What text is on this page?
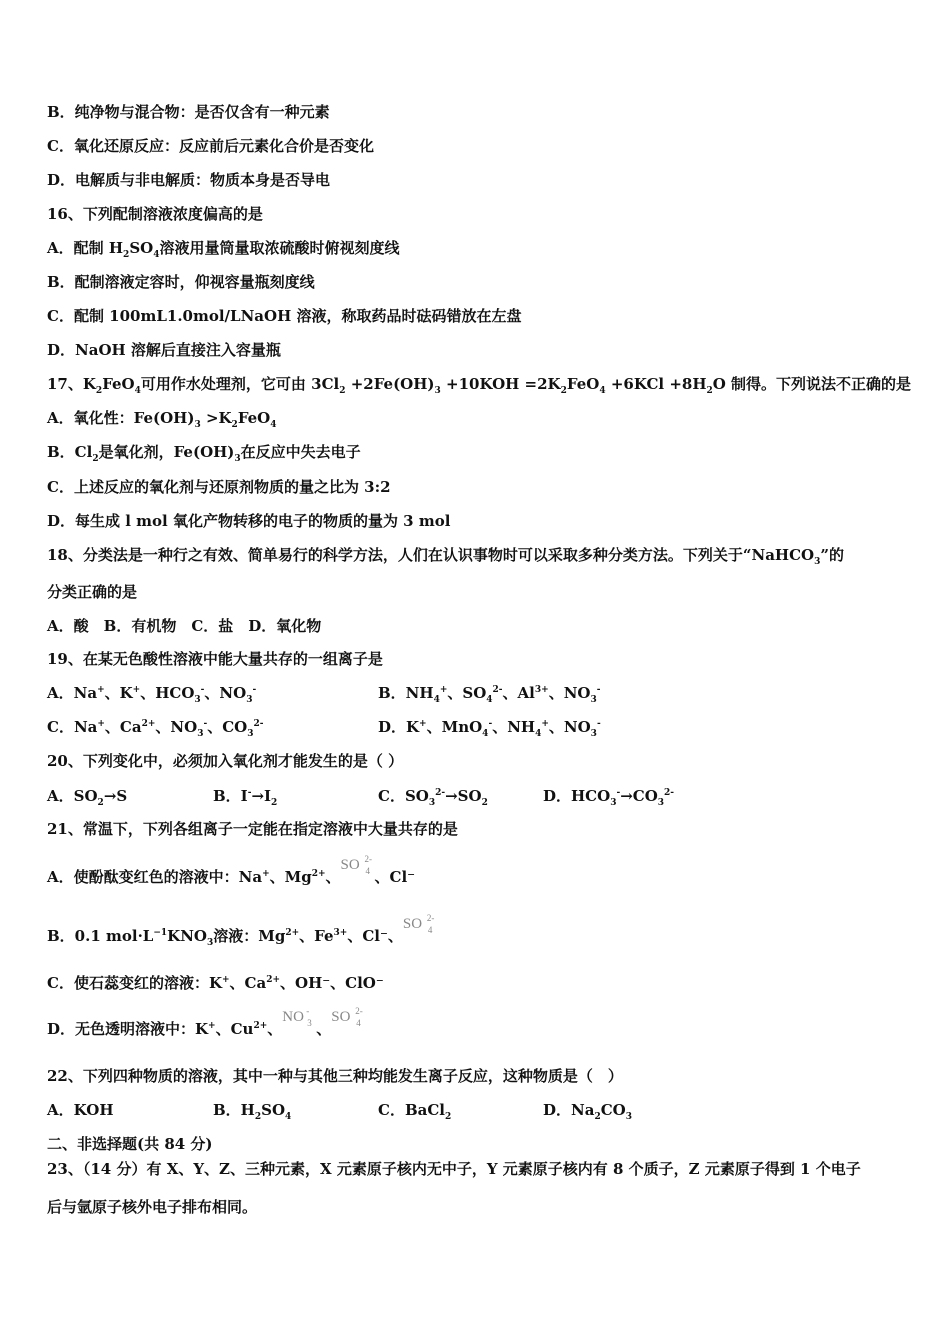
B．纯净物与混合物：是否仅含有一种元素
C．氧化还原反应：反应前后元素化合价是否变化
D．电解质与非电解质：物质本身是否导电
16、下列配制溶液浓度偏高的是
A．配制 $H_2SO_4$溶液用量筒量取浓硫酸时俯视刻度线
B．配制溶液定容时，仰视容量瓶刻度线
C．配制 100mL1.0mol/LNaOH 溶液，称取药品时砝码错放在左盘
D．NaOH 溶解后直接注入容量瓶
17、$K_2FeO_4$可用作水处理剂，它可由 $3Cl_2 +2Fe(OH)_3 +10KOH =2K_2FeO_4 +6KCl +8H_2O$ 制得。下列说法不正确的是
A．氧化性：$Fe(OH)_3 >K_2FeO_4$
B．$Cl_2$是氧化剂，$Fe(OH)_3$在反应中失去电子
C．上述反应的氧化剂与还原剂物质的量之比为 3:2
D．每生成 l mol 氧化产物转移的电子的物质的量为 3 mol
18、分类法是一种行之有效、简单易行的科学方法，人们在认识事物时可以采取多种分类方法。下列关于“NaHCO$_3$”的
分类正确的是
A．酸　B．有机物　C．盐　D．氧化物
19、在某无色酸性溶液中能大量共存的一组离子是
A．Na+、K+、$HCO_3^-$、$NO_3^-$	B．$NH_4^+$、$SO_4^{2-}$、$Al^{3+}$、$NO_3^-$
C．Na+、$Ca^{2+}$、$NO_3^-$、$CO_3^{2-}$	D．K+、MnO$_4$-、$NH_4^+$、$NO_3^-$
20、下列变化中，必须加入氧化剂才能发生的是（ ）
A．$SO_2\to S$	B．$I^-\to I_2$	C．$SO_3^{2-}\to SO_2$	D．$HCO_3^-\to CO_3^{2-}$
21、常温下，下列各组离子一定能在指定溶液中大量共存的是
A．使酚酞变红色的溶液中：Na+、$Mg^{2+}$、
SO 2-
4 、Cl⁻
B．0.1 $mol\cdot L^{-1}KNO_3$溶液：$Mg^{2+}$、$Fe^{3+}$、Cl⁻、
SO 2-
4
C．使石蕊变红的溶液：K+、$Ca^{2+}$、OH⁻、ClO⁻
D．无色透明溶液中：K+、$Cu^{2+}$、
NO -
3 、
SO 2-
4
22、下列四种物质的溶液，其中一种与其他三种均能发生离子反应，这种物质是（　）
A．KOH	B．$H_2SO_4$	C．BaCl$_2$	D．$Na_2CO_3$
二、非选择题(共 84 分)
23、（14 分）有 X、Y、Z、三种元素，X 元素原子核内无中子，Y 元素原子核内有 8 个质子，Z 元素原子得到 1 个电子
后与氩原子核外电子排布相同。
